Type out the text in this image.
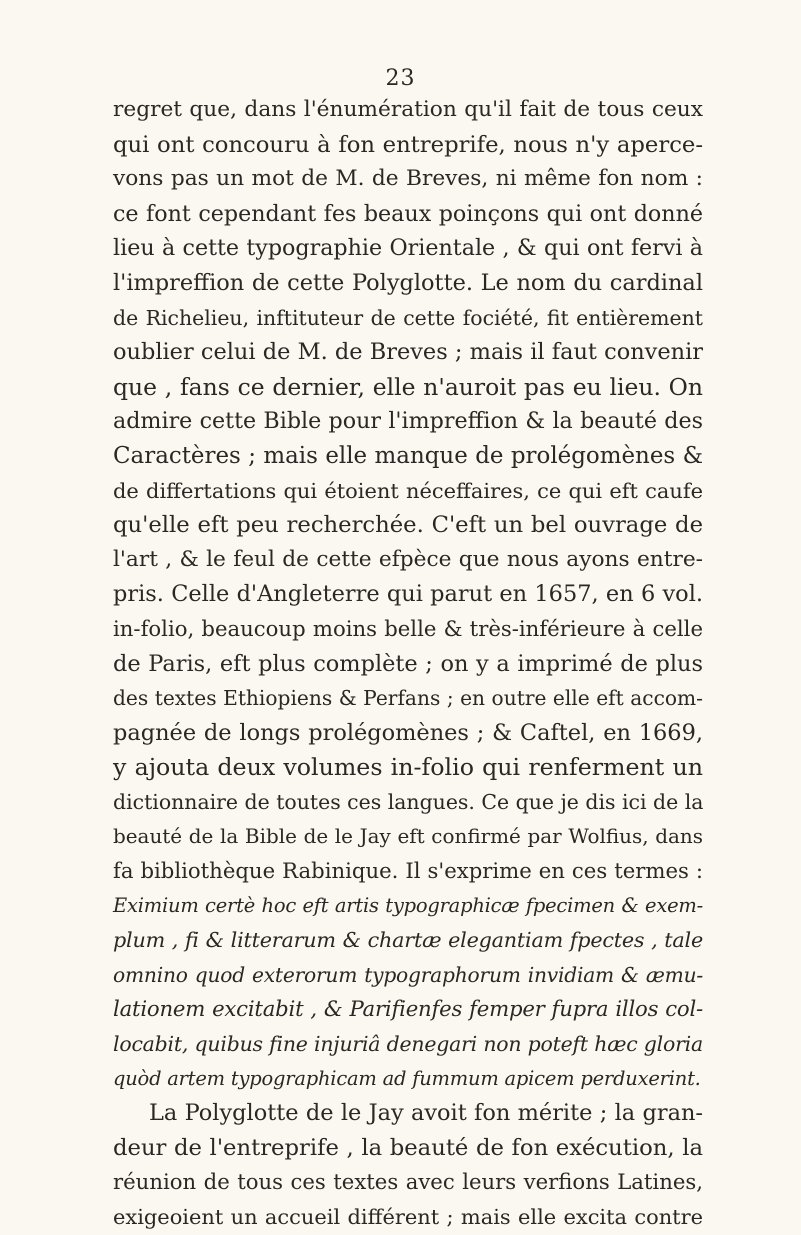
23
regret que, dans l'énumération qu'il fait de tous ceux
qui ont concouru à fon entreprife, nous n'y aperce-
vons pas un mot de M. de Breves, ni même fon nom :
ce font cependant fes beaux poinçons qui ont donné
lieu à cette typographie Orientale , & qui ont fervi à
l'impreffion de cette Polyglotte. Le nom du cardinal
de Richelieu, inftituteur de cette fociété, fit entièrement
oublier celui de M. de Breves ; mais il faut convenir
que , fans ce dernier, elle n'auroit pas eu lieu. On
admire cette Bible pour l'impreffion & la beauté des
Caractères ; mais elle manque de prolégomènes &
de differtations qui étoient néceffaires, ce qui eft caufe
qu'elle eft peu recherchée. C'eft un bel ouvrage de
l'art , & le feul de cette efpèce que nous ayons entre-
pris. Celle d'Angleterre qui parut en 1657, en 6 vol.
in-folio, beaucoup moins belle & très-inférieure à celle
de Paris, eft plus complète ; on y a imprimé de plus
des textes Ethiopiens & Perfans ; en outre elle eft accom-
pagnée de longs prolégomènes ; & Caftel, en 1669,
y ajouta deux volumes in-folio qui renferment un
dictionnaire de toutes ces langues. Ce que je dis ici de la
beauté de la Bible de le Jay eft confirmé par Wolfius, dans
fa bibliothèque Rabinique. Il s'exprime en ces termes :
Eximium certè hoc eft artis typographicæ fpecimen & exem-
plum , fi & litterarum & chartæ elegantiam fpectes , tale
omnino quod exterorum typographorum invidiam & æmu-
lationem excitabit , & Parifienfes femper fupra illos col-
locabit, quibus fine injuriâ denegari non poteft hæc gloria
quòd artem typographicam ad fummum apicem perduxerint.
La Polyglotte de le Jay avoit fon mérite ; la gran-
deur de l'entreprife , la beauté de fon exécution, la
réunion de tous ces textes avec leurs verfions Latines,
exigeoient un accueil différent ; mais elle excita contre
